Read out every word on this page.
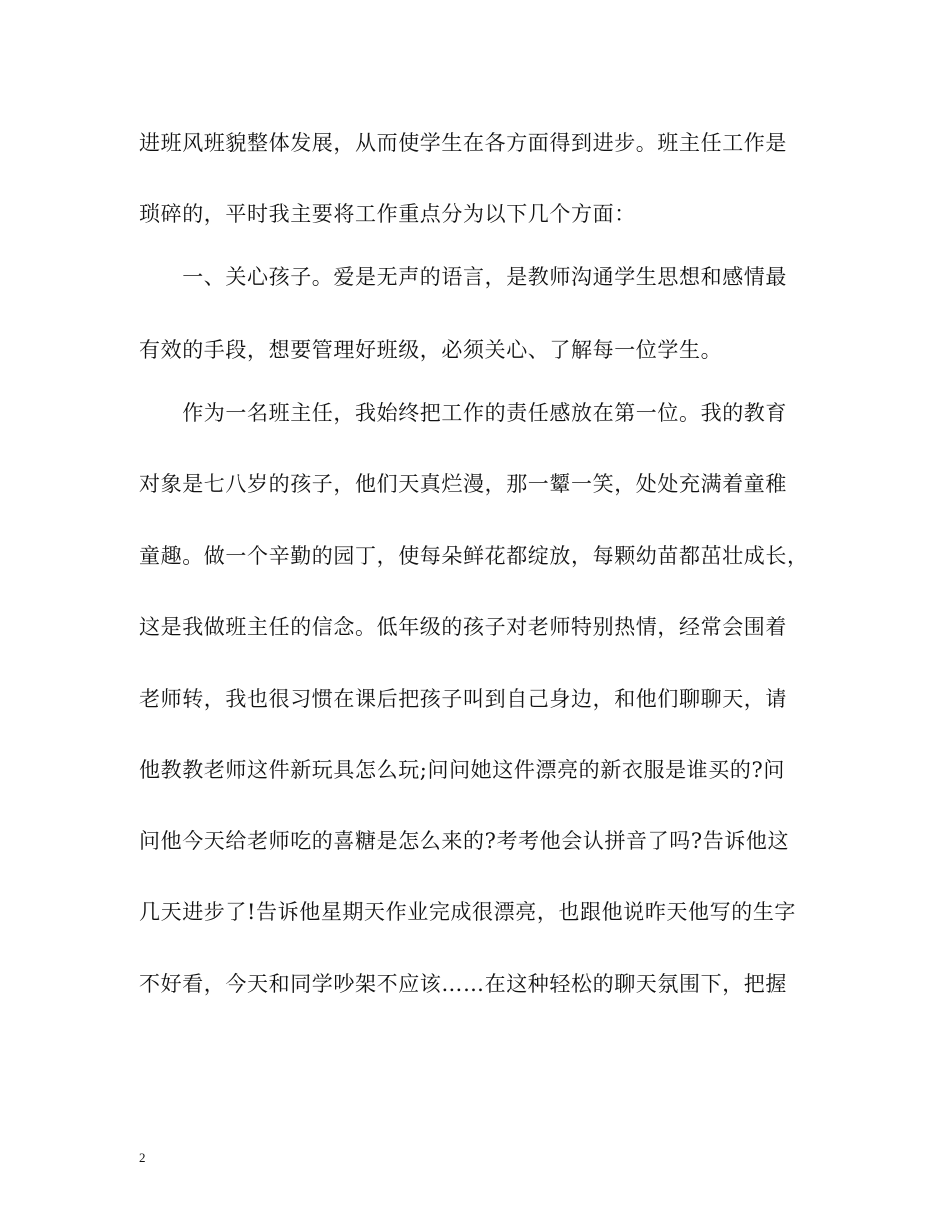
进班风班貌整体发展，从而使学生在各方面得到进步。班主任工作是
琐碎的，平时我主要将工作重点分为以下几个方面：
　　一、关心孩子。爱是无声的语言，是教师沟通学生思想和感情最
有效的手段，想要管理好班级，必须关心、了解每一位学生。
　　作为一名班主任，我始终把工作的责任感放在第一位。我的教育
对象是七八岁的孩子，他们天真烂漫，那一颦一笑，处处充满着童稚
童趣。做一个辛勤的园丁，使每朵鲜花都绽放，每颗幼苗都茁壮成长，
这是我做班主任的信念。低年级的孩子对老师特别热情，经常会围着
老师转，我也很习惯在课后把孩子叫到自己身边，和他们聊聊天，请
他教教老师这件新玩具怎么玩;问问她这件漂亮的新衣服是谁买的?问
问他今天给老师吃的喜糖是怎么来的?考考他会认拼音了吗?告诉他这
几天进步了!告诉他星期天作业完成很漂亮，也跟他说昨天他写的生字
不好看，今天和同学吵架不应该……在这种轻松的聊天氛围下，把握
2
